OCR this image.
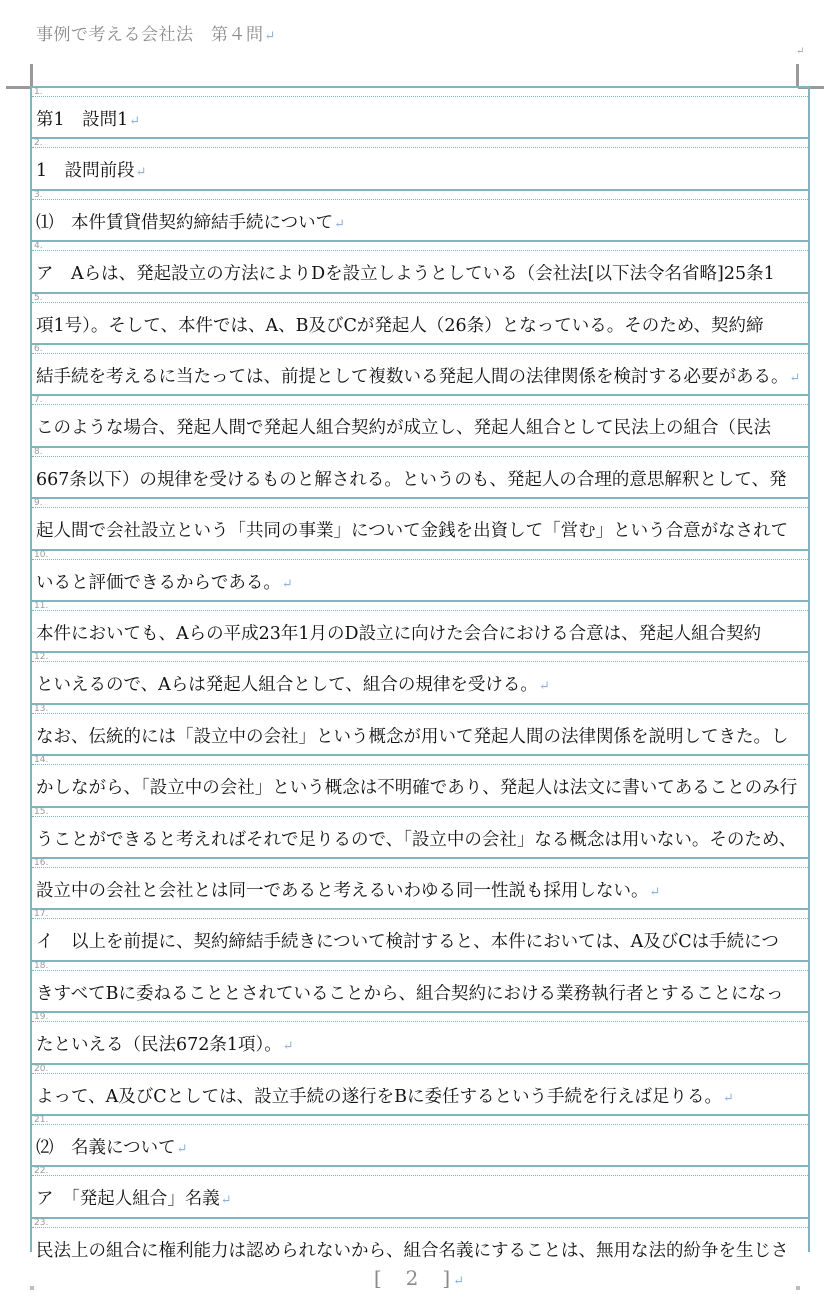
事例で考える会社法　第４問↵
↵
1.
第1　設問1↵
2.
1　設問前段↵
3.
⑴　本件賃貸借契約締結手続について↵
4.
ア　Aらは、発起設立の方法によりDを設立しようとしている（会社法[以下法令名省略]25条1
5.
項1号）。そして、本件では、A、B及びCが発起人（26条）となっている。そのため、契約締
6.
結手続を考えるに当たっては、前提として複数いる発起人間の法律関係を検討する必要がある。↵
7.
このような場合、発起人間で発起人組合契約が成立し、発起人組合として民法上の組合（民法
8.
667条以下）の規律を受けるものと解される。というのも、発起人の合理的意思解釈として、発
9.
起人間で会社設立という「共同の事業」について金銭を出資して「営む」という合意がなされて
10.
いると評価できるからである。↵
11.
本件においても、Aらの平成23年1月のD設立に向けた会合における合意は、発起人組合契約
12.
といえるので、Aらは発起人組合として、組合の規律を受ける。↵
13.
なお、伝統的には「設立中の会社」という概念が用いて発起人間の法律関係を説明してきた。し
14.
かしながら、「設立中の会社」という概念は不明確であり、発起人は法文に書いてあることのみ行
15.
うことができると考えればそれで足りるので、「設立中の会社」なる概念は用いない。そのため、
16.
設立中の会社と会社とは同一であると考えるいわゆる同一性説も採用しない。↵
17.
イ　以上を前提に、契約締結手続きについて検討すると、本件においては、A及びCは手続につ
18.
きすべてBに委ねることとされていることから、組合契約における業務執行者とすることになっ
19.
たといえる（民法672条1項）。↵
20.
よって、A及びCとしては、設立手続の遂行をBに委任するという手続を行えば足りる。↵
21.
⑵　名義について↵
22.
ア　「発起人組合」名義↵
23.
民法上の組合に権利能力は認められないから、組合名義にすることは、無用な法的紛争を生じさ
[　2　]↵
